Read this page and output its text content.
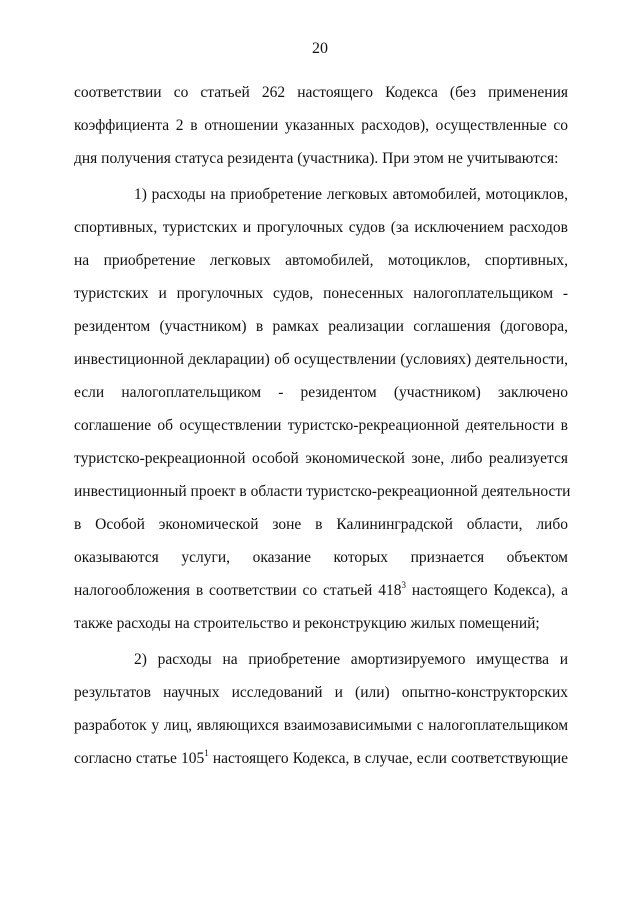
20
соответствии со статьей 262 настоящего Кодекса (без применения
коэффициента 2 в отношении указанных расходов), осуществленные со
дня получения статуса резидента (участника). При этом не учитываются:
1) расходы на приобретение легковых автомобилей, мотоциклов,
спортивных, туристских и прогулочных судов (за исключением расходов
на приобретение легковых автомобилей, мотоциклов, спортивных,
туристских и прогулочных судов, понесенных налогоплательщиком -
резидентом (участником) в рамках реализации соглашения (договора,
инвестиционной декларации) об осуществлении (условиях) деятельности,
если налогоплательщиком - резидентом (участником) заключено
соглашение об осуществлении туристско-рекреационной деятельности в
туристско-рекреационной особой экономической зоне, либо реализуется
инвестиционный проект в области туристско-рекреационной деятельности
в Особой экономической зоне в Калининградской области, либо
оказываются услуги, оказание которых признается объектом
налогообложения в соответствии со статьей $418^3$ настоящего Кодекса), а
также расходы на строительство и реконструкцию жилых помещений;
2) расходы на приобретение амортизируемого имущества и
результатов научных исследований и (или) опытно-конструкторских
разработок у лиц, являющихся взаимозависимыми с налогоплательщиком
согласно статье $105^1$ настоящего Кодекса, в случае, если соответствующие
